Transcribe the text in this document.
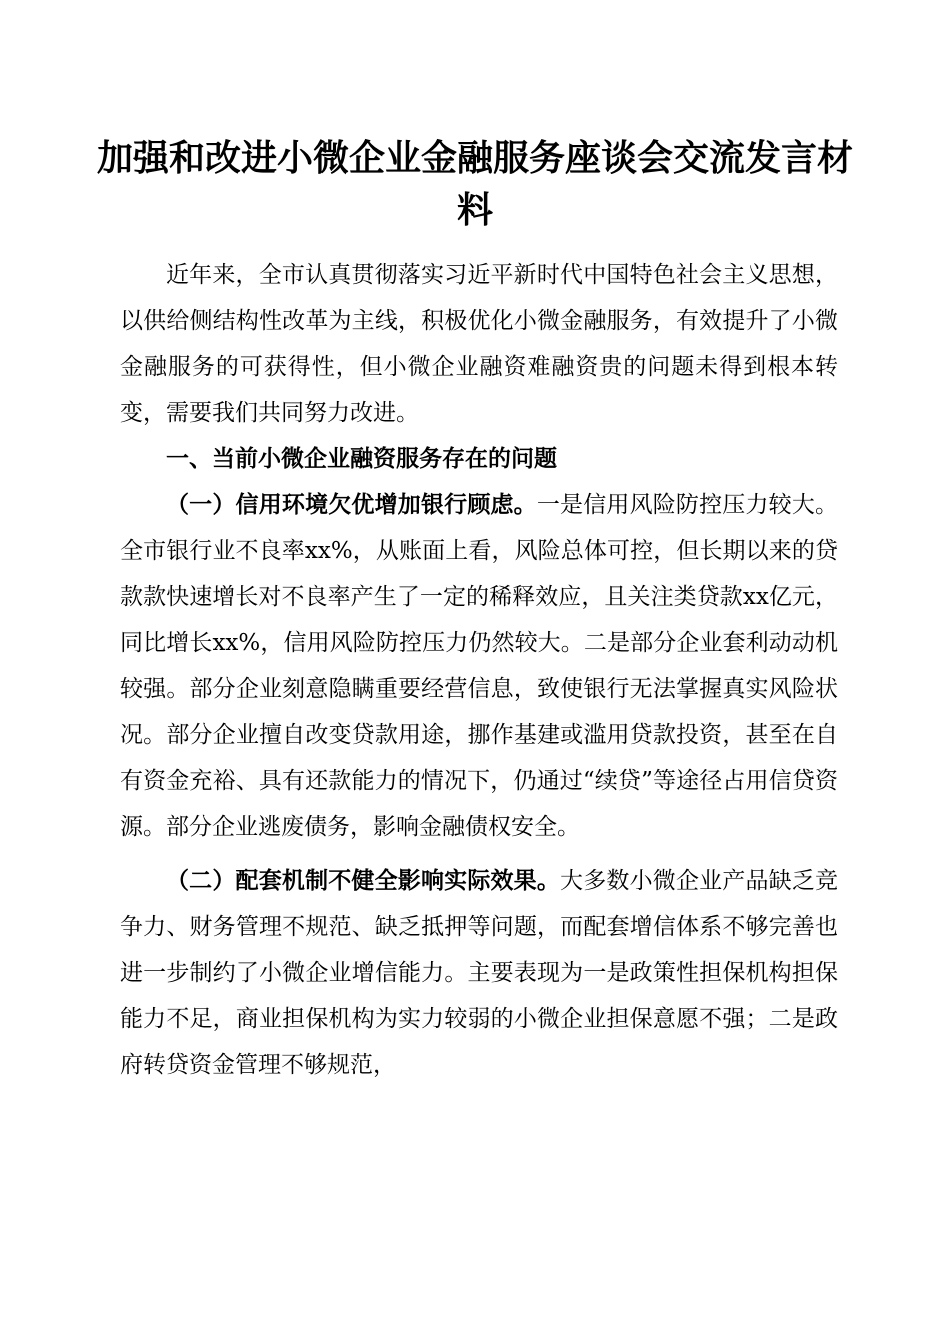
加强和改进小微企业金融服务座谈会交流发言材料

近年来，全市认真贯彻落实习近平新时代中国特色社会主义思想，以供给侧结构性改革为主线，积极优化小微金融服务，有效提升了小微金融服务的可获得性，但小微企业融资难融资贵的问题未得到根本转变，需要我们共同努力改进。

一、当前小微企业融资服务存在的问题

（一）信用环境欠优增加银行顾虑。一是信用风险防控压力较大。全市银行业不良率xx%，从账面上看，风险总体可控，但长期以来的贷款款快速增长对不良率产生了一定的稀释效应，且关注类贷款xx亿元，同比增长xx%，信用风险防控压力仍然较大。二是部分企业套利动动机较强。部分企业刻意隐瞒重要经营信息，致使银行无法掌握真实风险状况。部分企业擅自改变贷款用途，挪作基建或滥用贷款投资，甚至在自有资金充裕、具有还款能力的情况下，仍通过“续贷”等途径占用信贷资源。部分企业逃废债务，影响金融债权安全。

（二）配套机制不健全影响实际效果。大多数小微企业产品缺乏竞争力、财务管理不规范、缺乏抵押等问题，而配套增信体系不够完善也进一步制约了小微企业增信能力。主要表现为一是政策性担保机构担保能力不足，商业担保机构为实力较弱的小微企业担保意愿不强；二是政府转贷资金管理不够规范，
